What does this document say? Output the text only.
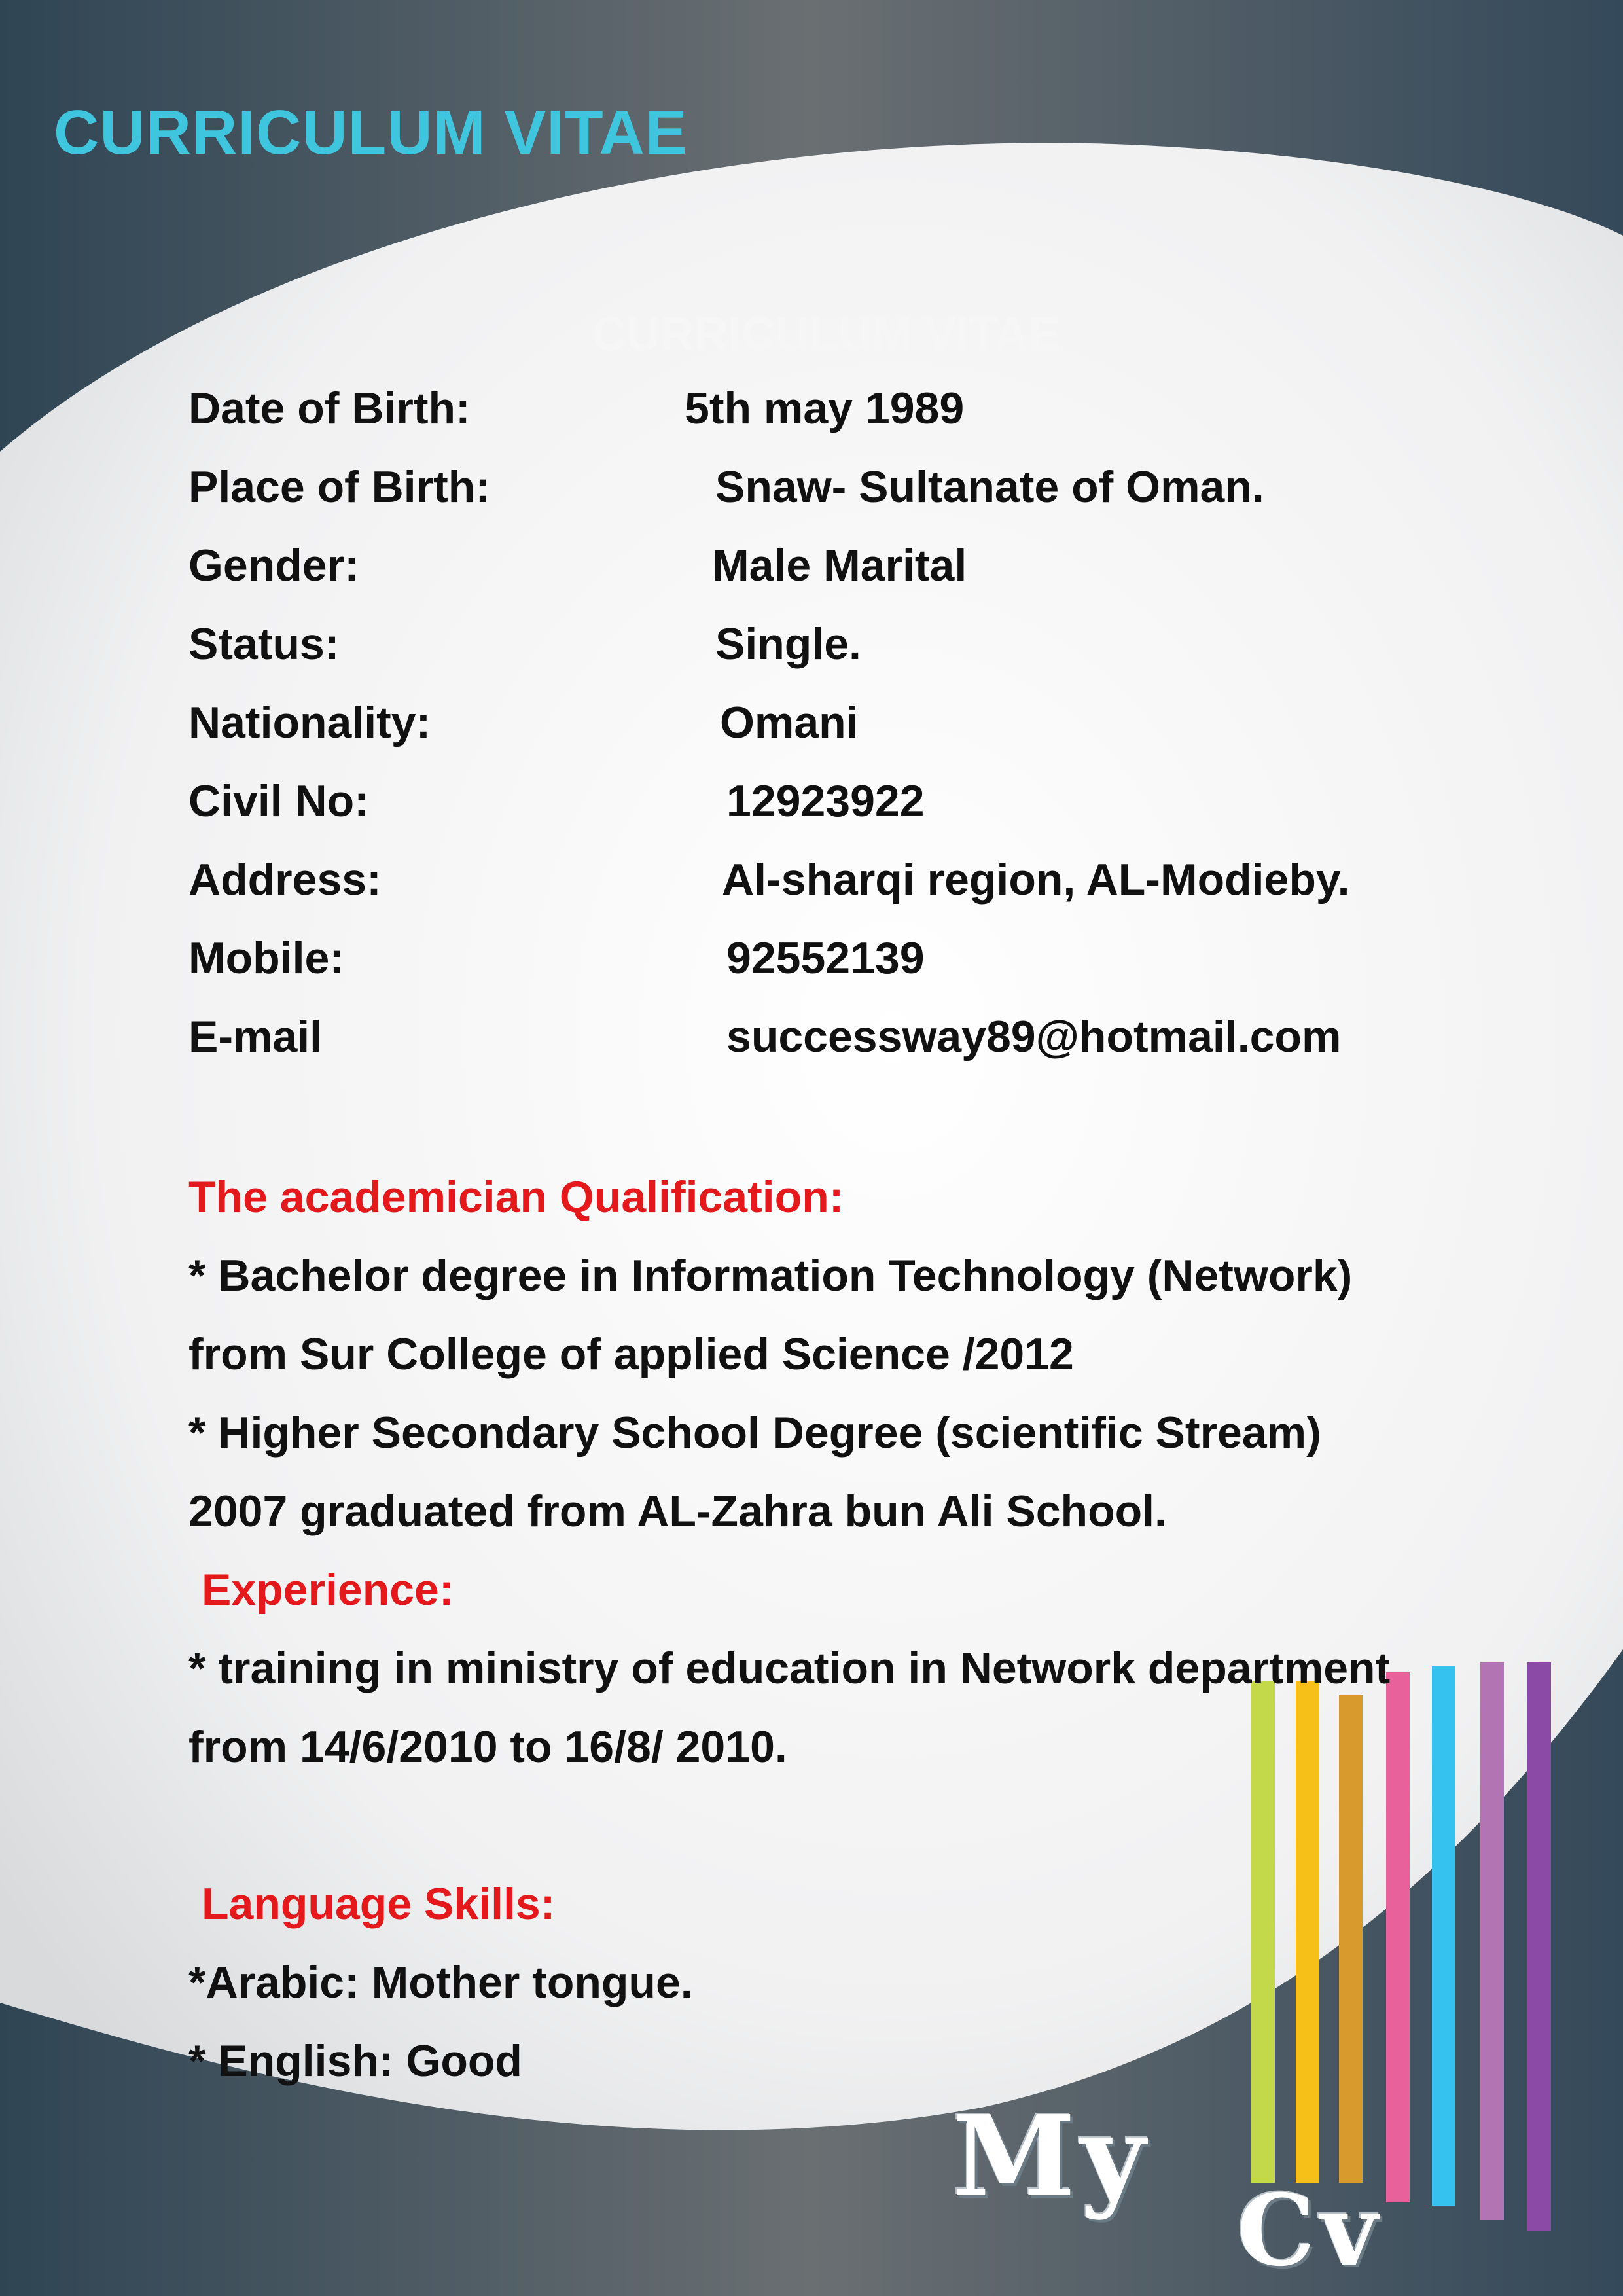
CURRICULUM VITAE
CURRICULUM VITAE
Date of Birth:	5th may 1989
Place of Birth:	Snaw- Sultanate of Oman.
Gender:	Male Marital
Status:	Single.
Nationality:	Omani
Civil No:	12923922
Address:	Al-sharqi region, AL-Modieby.
Mobile:	92552139
E-mail	successway89@hotmail.com
The academician Qualification:
* Bachelor degree in Information Technology (Network)
from Sur College of applied Science /2012
* Higher Secondary School Degree (scientific Stream)
2007 graduated from AL-Zahra bun Ali School.
Experience:
* training in ministry of education in Network department
from 14/6/2010 to 16/8/ 2010.
Language Skills:
*Arabic: Mother tongue.
* English: Good
My
Cv
